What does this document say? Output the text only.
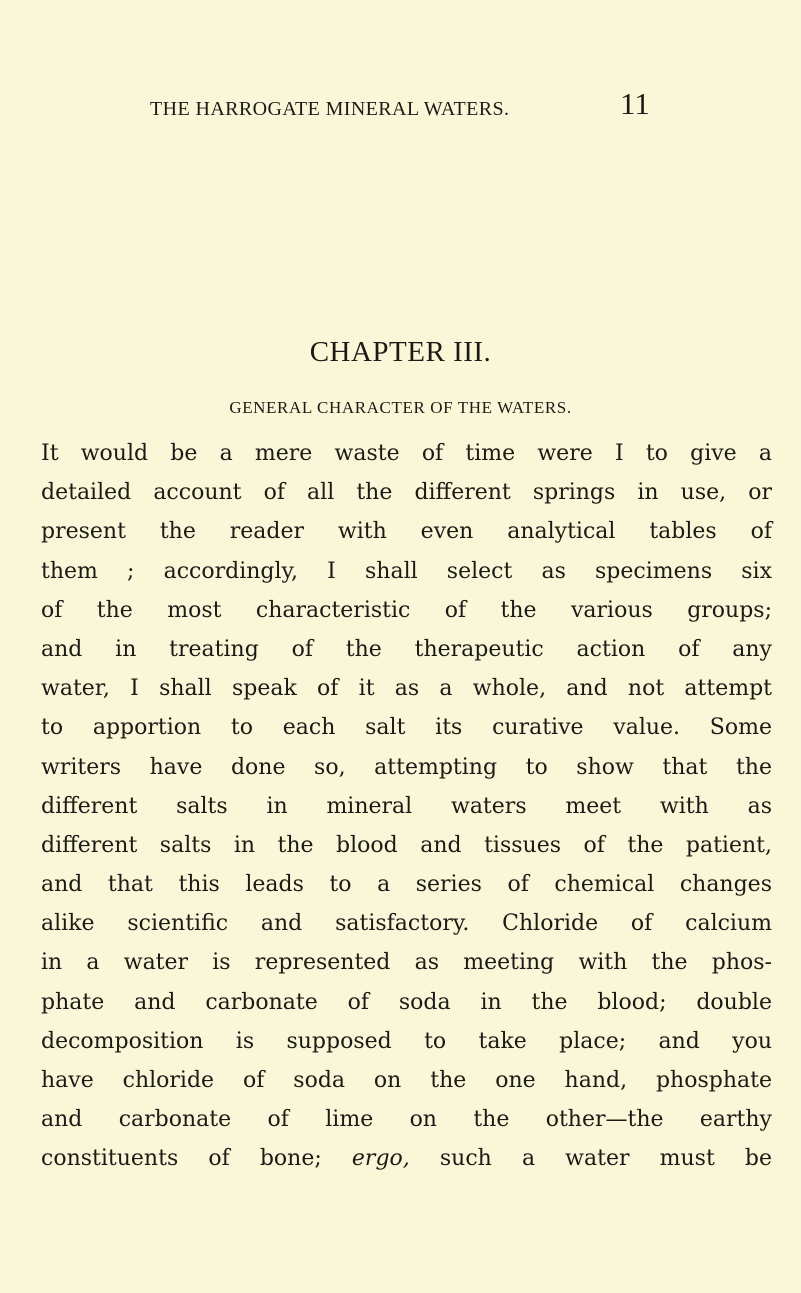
THE HARROGATE MINERAL WATERS.	11
CHAPTER III.
GENERAL CHARACTER OF THE WATERS.
It would be a mere waste of time were I to give a
detailed account of all the different springs in use, or
present the reader with even analytical tables of
them ; accordingly, I shall select as specimens six
of the most characteristic of the various groups;
and in treating of the therapeutic action of any
water, I shall speak of it as a whole, and not attempt
to apportion to each salt its curative value. Some
writers have done so, attempting to show that the
different salts in mineral waters meet with as
different salts in the blood and tissues of the patient,
and that this leads to a series of chemical changes
alike scientific and satisfactory. Chloride of calcium
in a water is represented as meeting with the phos-
phate and carbonate of soda in the blood; double
decomposition is supposed to take place; and you
have chloride of soda on the one hand, phosphate
and carbonate of lime on the other—the earthy
constituents of bone; ergo, such a water must be
